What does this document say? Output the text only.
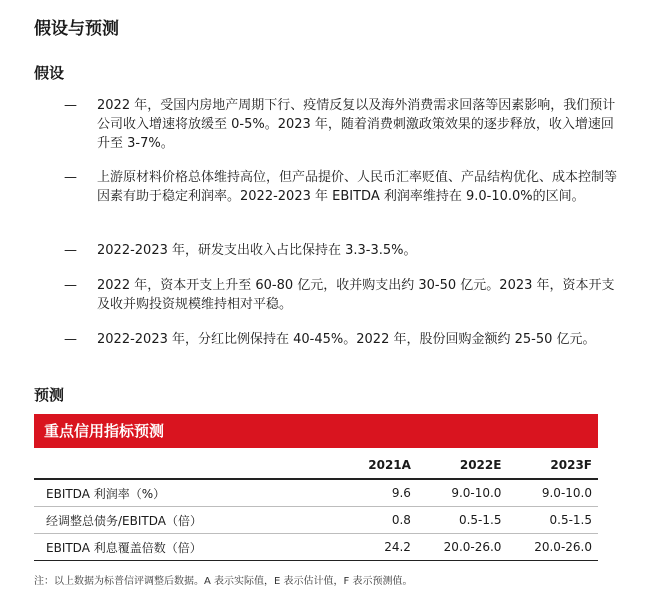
假设与预测
假设
— 2022 年，受国内房地产周期下行、疫情反复以及海外消费需求回落等因素影响，我们预计公司收入增速将放缓至 0-5%。2023 年，随着消费刺激政策效果的逐步释放，收入增速回升至 3-7%。
— 上游原材料价格总体维持高位，但产品提价、人民币汇率贬值、产品结构优化、成本控制等因素有助于稳定利润率。2022-2023 年 EBITDA 利润率维持在 9.0-10.0%的区间。
— 2022-2023 年，研发支出收入占比保持在 3.3-3.5%。
— 2022 年，资本开支上升至 60-80 亿元，收并购支出约 30-50 亿元。2023 年，资本开支及收并购投资规模维持相对平稳。
— 2022-2023 年，分红比例保持在 40-45%。2022 年，股份回购金额约 25-50 亿元。
预测
重点信用指标预测
	2021A	2022E	2023F
EBITDA 利润率（%）	9.6	9.0-10.0	9.0-10.0
经调整总债务/EBITDA（倍）	0.8	0.5-1.5	0.5-1.5
EBITDA 利息覆盖倍数（倍）	24.2	20.0-26.0	20.0-26.0
注：以上数据为标普信评调整后数据。A 表示实际值，E 表示估计值，F 表示预测值。
